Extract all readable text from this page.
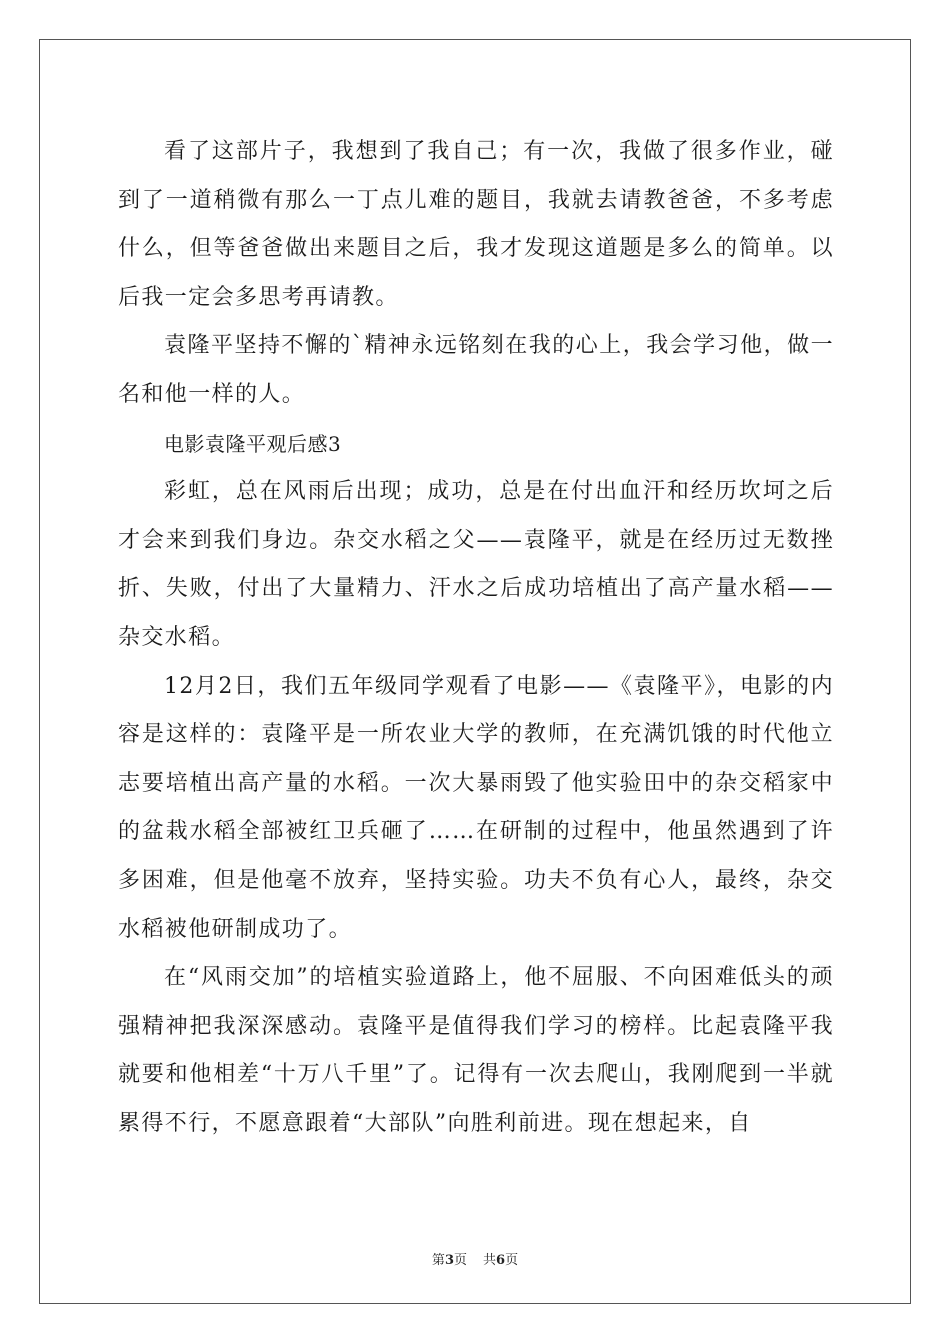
看了这部片子，我想到了我自己；有一次，我做了很多作业，碰到了一道稍微有那么一丁点儿难的题目，我就去请教爸爸，不多考虑什么，但等爸爸做出来题目之后，我才发现这道题是多么的简单。以后我一定会多思考再请教。

袁隆平坚持不懈的`精神永远铭刻在我的心上，我会学习他，做一名和他一样的人。

电影袁隆平观后感3

彩虹，总在风雨后出现；成功，总是在付出血汗和经历坎坷之后才会来到我们身边。杂交水稻之父——袁隆平，就是在经历过无数挫折、失败，付出了大量精力、汗水之后成功培植出了高产量水稻——杂交水稻。

12月2日，我们五年级同学观看了电影——《袁隆平》，电影的内容是这样的：袁隆平是一所农业大学的教师，在充满饥饿的时代他立志要培植出高产量的水稻。一次大暴雨毁了他实验田中的杂交稻家中的盆栽水稻全部被红卫兵砸了……在研制的过程中，他虽然遇到了许多困难，但是他毫不放弃，坚持实验。功夫不负有心人，最终，杂交水稻被他研制成功了。

在“风雨交加”的培植实验道路上，他不屈服、不向困难低头的顽强精神把我深深感动。袁隆平是值得我们学习的榜样。比起袁隆平我就要和他相差“十万八千里”了。记得有一次去爬山，我刚爬到一半就累得不行，不愿意跟着“大部队”向胜利前进。现在想起来，自

第3页 共6页
